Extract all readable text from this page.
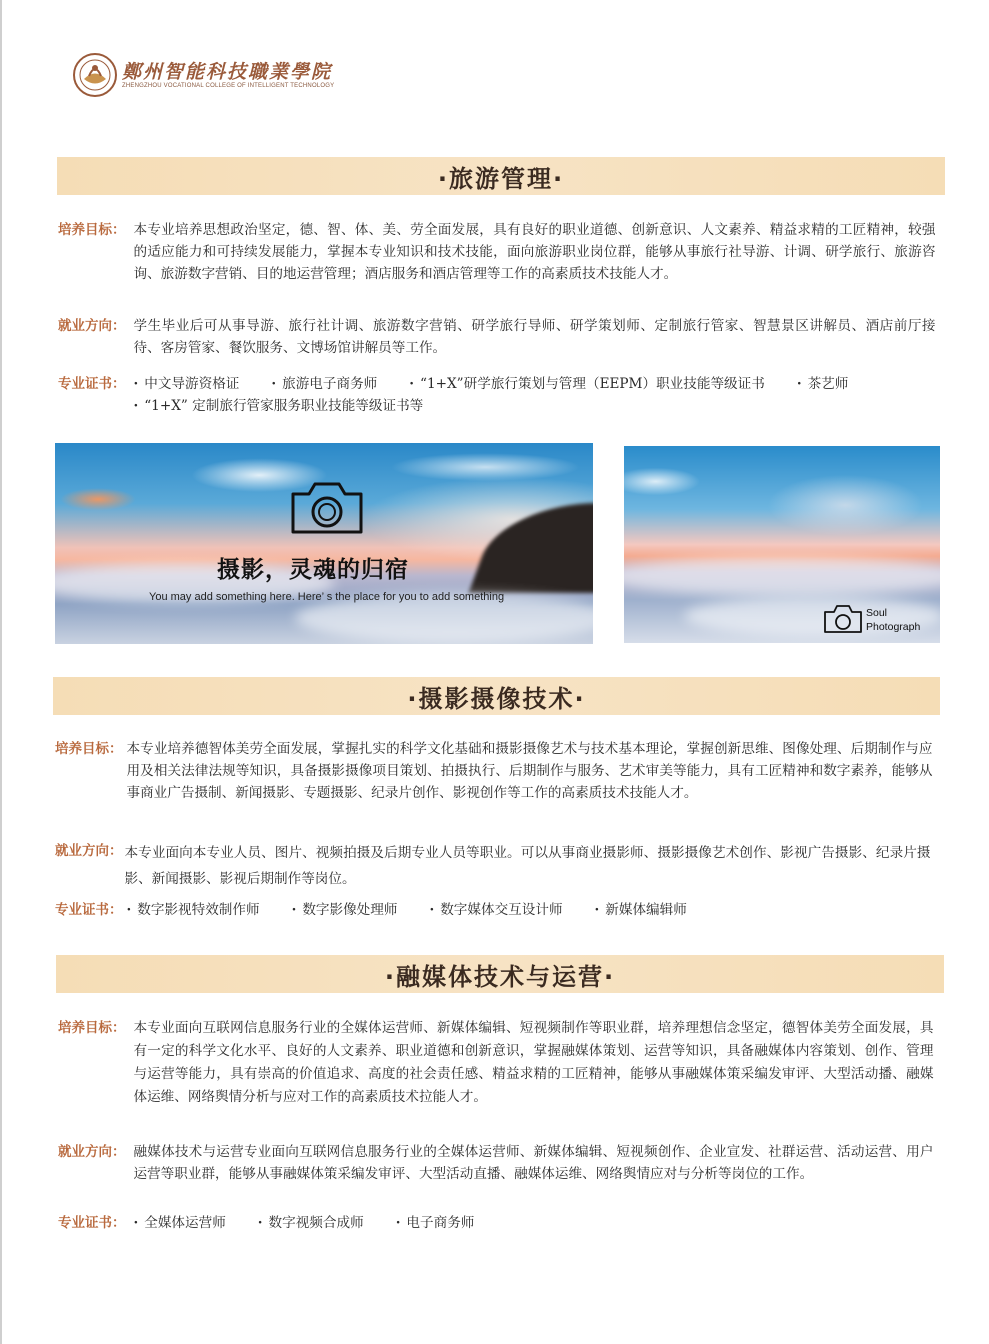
鄭州智能科技職業學院
ZHENGZHOU VOCATIONAL COLLEGE OF INTELLIGENT TECHNOLOGY
·旅游管理·
培养目标： 本专业培养思想政治坚定，德、智、体、美、劳全面发展，具有良好的职业道德、创新意识、人文素养、精益求精的工匠精神，较强的适应能力和可持续发展能力，掌握本专业知识和技术技能，面向旅游职业岗位群，能够从事旅行社导游、计调、研学旅行、旅游咨询、旅游数字营销、目的地运营管理；酒店服务和酒店管理等工作的高素质技术技能人才。
就业方向： 学生毕业后可从事导游、旅行社计调、旅游数字营销、研学旅行导师、研学策划师、定制旅行管家、智慧景区讲解员、酒店前厅接待、客房管家、餐饮服务、文博场馆讲解员等工作。
专业证书：	· 中文导游资格证	· 旅游电子商务师	· “1+X”研学旅行策划与管理（EEPM）职业技能等级证书	· 茶艺师
· “1+X” 定制旅行管家服务职业技能等级证书等
摄影，灵魂的归宿
You may add something here. Here’ s the place for you to add something
Soul
Photograph
·摄影摄像技术·
培养目标： 本专业培养德智体美劳全面发展，掌握扎实的科学文化基础和摄影摄像艺术与技术基本理论，掌握创新思维、图像处理、后期制作与应用及相关法律法规等知识，具备摄影摄像项目策划、拍摄执行、后期制作与服务、艺术审美等能力，具有工匠精神和数字素养，能够从事商业广告摄制、新闻摄影、专题摄影、纪录片创作、影视创作等工作的高素质技术技能人才。
就业方向： 本专业面向本专业人员、图片、视频拍摄及后期专业人员等职业。可以从事商业摄影师、摄影摄像艺术创作、影视广告摄影、纪录片摄影、新闻摄影、影视后期制作等岗位。
专业证书：	· 数字影视特效制作师	· 数字影像处理师	· 数字媒体交互设计师	· 新媒体编辑师
·融媒体技术与运营·
培养目标： 本专业面向互联网信息服务行业的全媒体运营师、新媒体编辑、短视频制作等职业群，培养理想信念坚定，德智体美劳全面发展，具有一定的科学文化水平、良好的人文素养、职业道德和创新意识，掌握融媒体策划、运营等知识，具备融媒体内容策划、创作、管理与运营等能力，具有崇高的价值追求、高度的社会责任感、精益求精的工匠精神，能够从事融媒体策采编发审评、大型活动播、融媒体运维、网络舆情分析与应对工作的高素质技术拉能人才。
就业方向： 融媒体技术与运营专业面向互联网信息服务行业的全媒体运营师、新媒体编辑、短视频创作、企业宣发、社群运营、活动运营、用户运营等职业群，能够从事融媒体策采编发审评、大型活动直播、融媒体运维、网络舆情应对与分析等岗位的工作。
专业证书：	· 全媒体运营师	· 数字视频合成师	· 电子商务师
